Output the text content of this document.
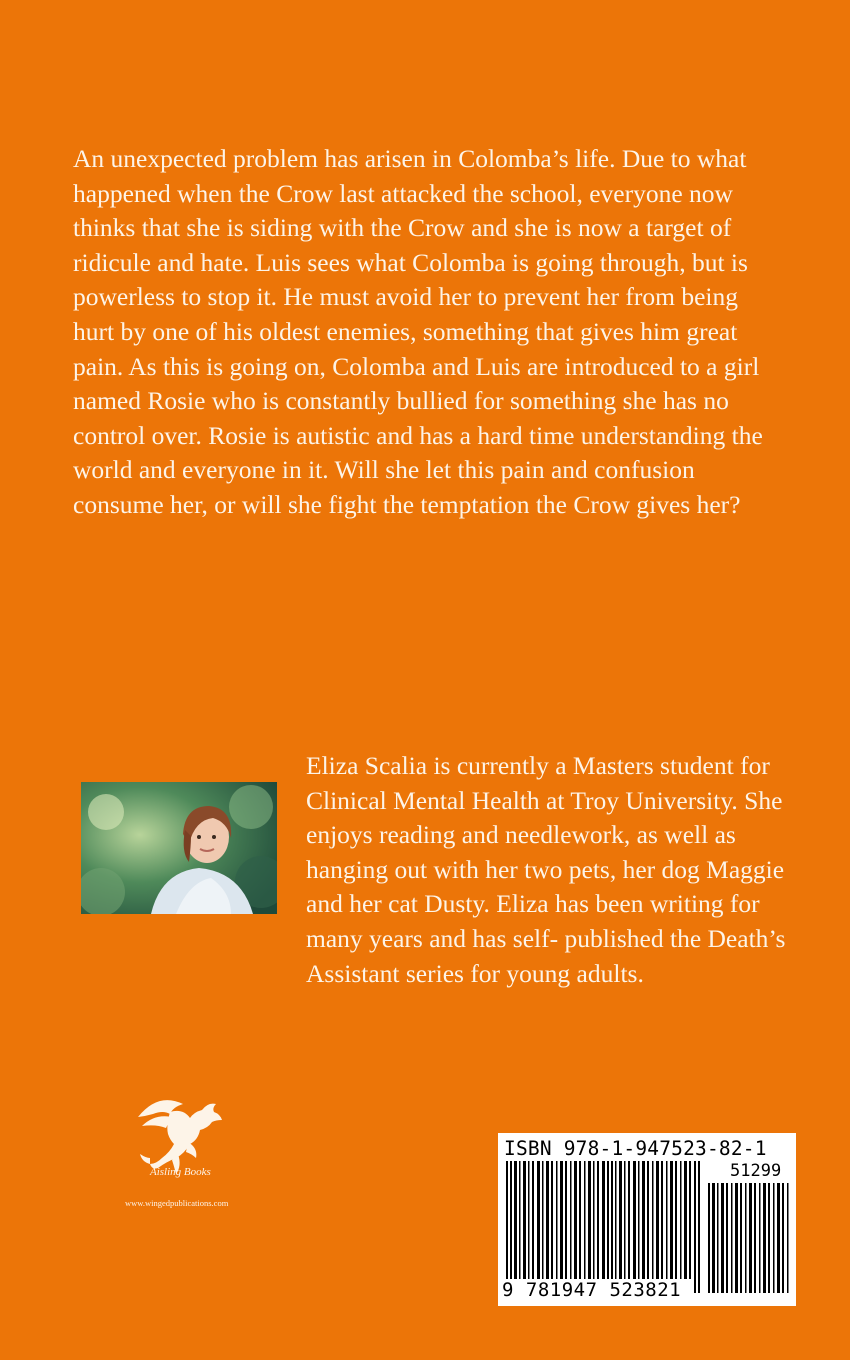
An unexpected problem has arisen in Colomba’s life. Due to what happened when the Crow last attacked the school, everyone now thinks that she is siding with the Crow and she is now a target of ridicule and hate. Luis sees what Colomba is going through, but is powerless to stop it. He must avoid her to prevent her from being hurt by one of his oldest enemies, something that gives him great pain. As this is going on, Colomba and Luis are introduced to a girl named Rosie who is constantly bullied for something she has no control over. Rosie is autistic and has a hard time understanding the world and everyone in it. Will she let this pain and confusion consume her, or will she fight the temptation the Crow gives her?

Eliza Scalia is currently a Masters student for Clinical Mental Health at Troy University. She enjoys reading and needlework, as well as hanging out with her two pets, her dog Maggie and her cat Dusty. Eliza has been writing for many years and has self- published the Death’s Assistant series for young adults.

Aisling Books
www.wingedpublications.com
ISBN 978-1-947523-82-1
51299
9 781947 523821
